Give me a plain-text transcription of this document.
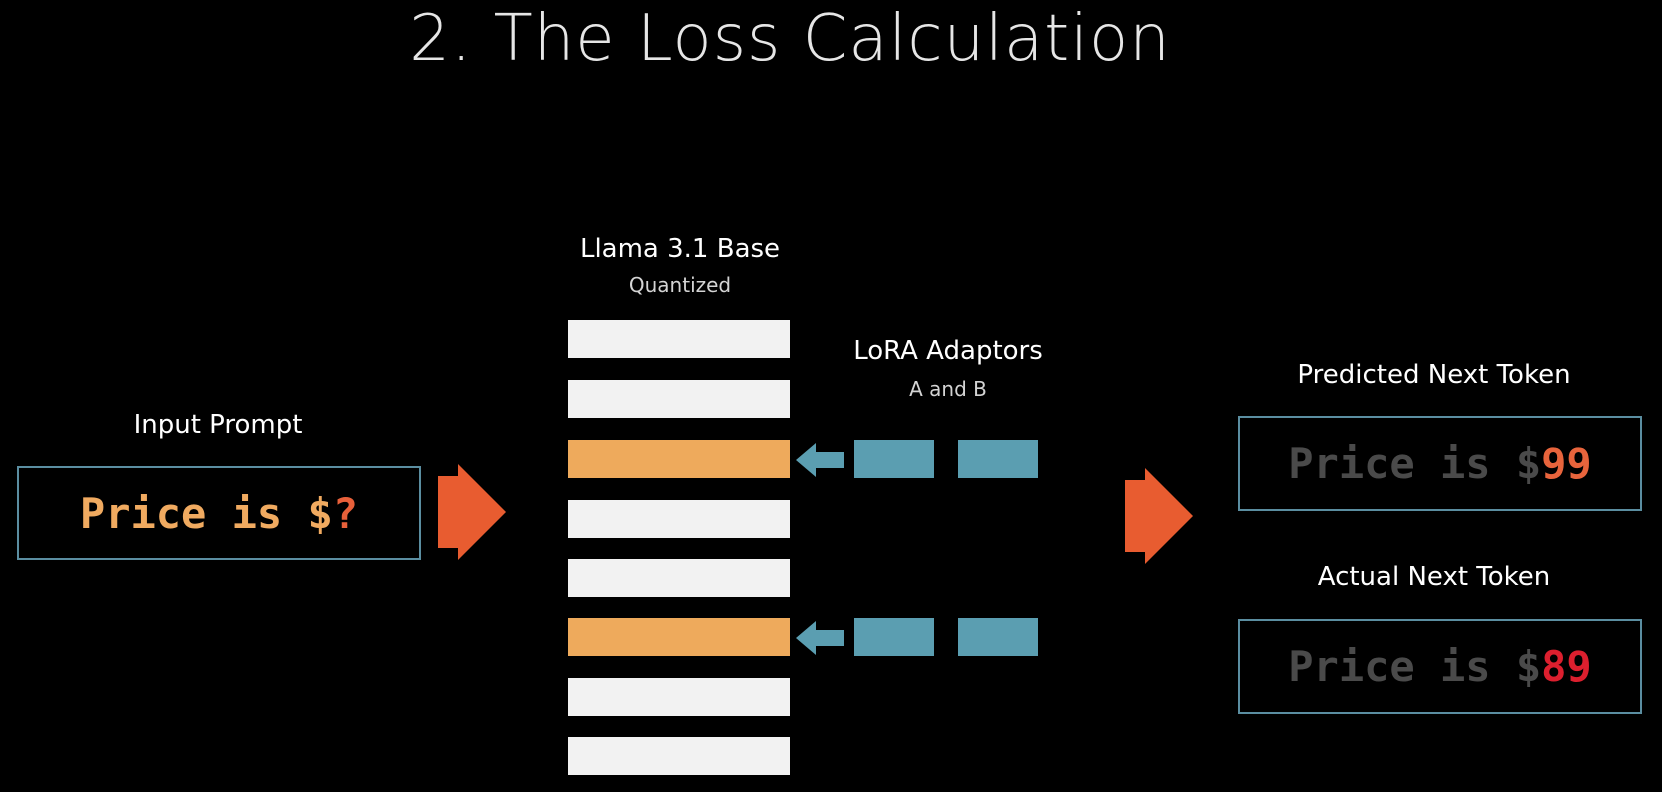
2. The Loss Calculation
Input Prompt
Price is $ ?
Llama 3.1 Base
Quantized
LoRA Adaptors
A and B	Predicted Next Token
Price is $ 99
Actual Next Token
Price is $ 89
